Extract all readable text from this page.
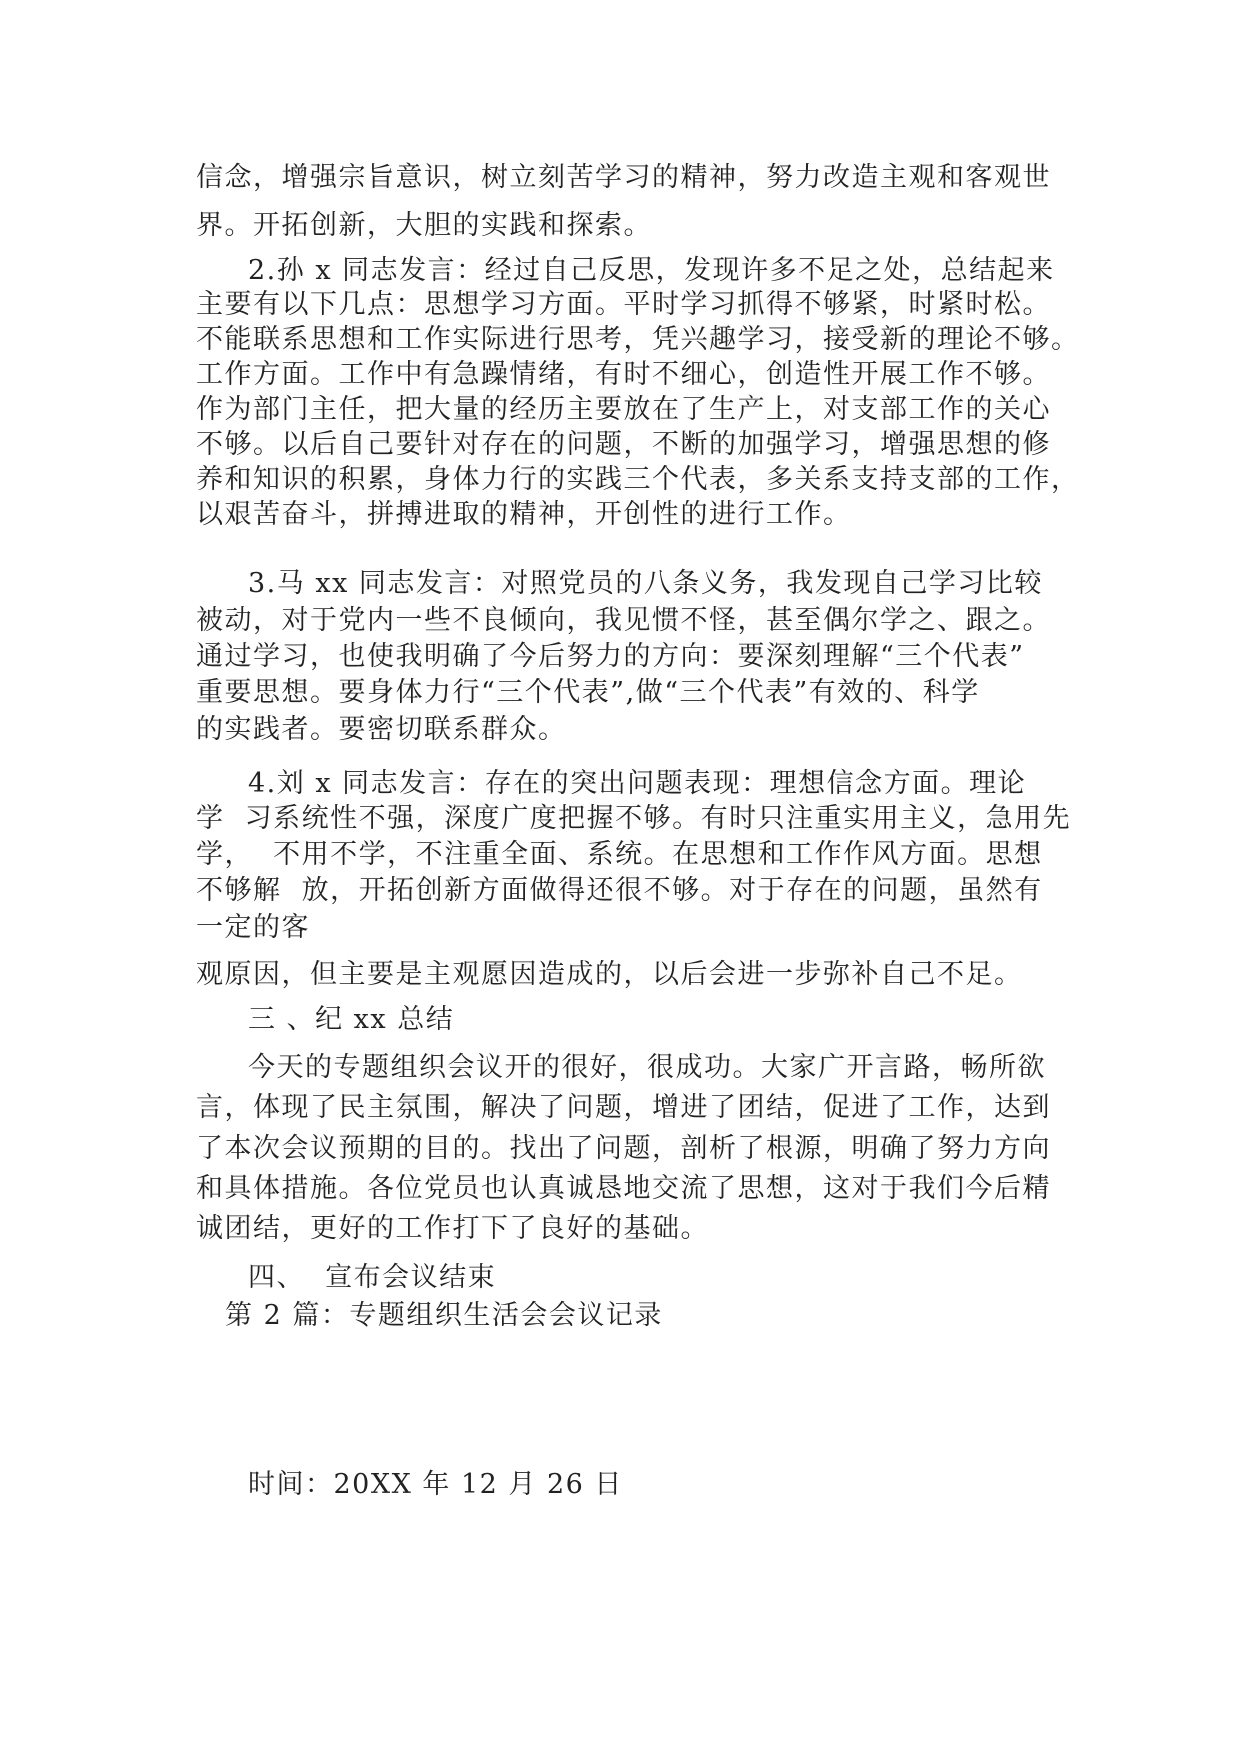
信念，增强宗旨意识，树立刻苦学习的精神，努力改造主观和客观世
界。开拓创新，大胆的实践和探索。
2.孙 x 同志发言：经过自己反思，发现许多不足之处，总结起来
主要有以下几点：思想学习方面。平时学习抓得不够紧，时紧时松。
不能联系思想和工作实际进行思考，凭兴趣学习，接受新的理论不够。
工作方面。工作中有急躁情绪，有时不细心，创造性开展工作不够。
作为部门主任，把大量的经历主要放在了生产上，对支部工作的关心
不够。以后自己要针对存在的问题，不断的加强学习，增强思想的修
养和知识的积累，身体力行的实践三个代表，多关系支持支部的工作，
以艰苦奋斗，拼搏进取的精神，开创性的进行工作。
3.马 xx 同志发言：对照党员的八条义务，我发现自己学习比较
被动，对于党内一些不良倾向，我见惯不怪，甚至偶尔学之、跟之。
通过学习，也使我明确了今后努力的方向：要深刻理解“三个代表”
重要思想。要身体力行“三个代表”,做“三个代表”有效的、科学
的实践者。要密切联系群众。
4.刘 x 同志发言：存在的突出问题表现：理想信念方面。理论
学  习系统性不强，深度广度把握不够。有时只注重实用主义，急用先
学，  不用不学，不注重全面、系统。在思想和工作作风方面。思想
不够解  放，开拓创新方面做得还很不够。对于存在的问题，虽然有
一定的客
观原因，但主要是主观愿因造成的，以后会进一步弥补自己不足。
三 、纪 xx 总结
今天的专题组织会议开的很好，很成功。大家广开言路，畅所欲
言，体现了民主氛围，解决了问题，增进了团结，促进了工作，达到
了本次会议预期的目的。找出了问题，剖析了根源，明确了努力方向
和具体措施。各位党员也认真诚恳地交流了思想，这对于我们今后精
诚团结，更好的工作打下了良好的基础。
四、  宣布会议结束
第 2 篇：专题组织生活会会议记录
时间：20XX 年 12 月 26 日
